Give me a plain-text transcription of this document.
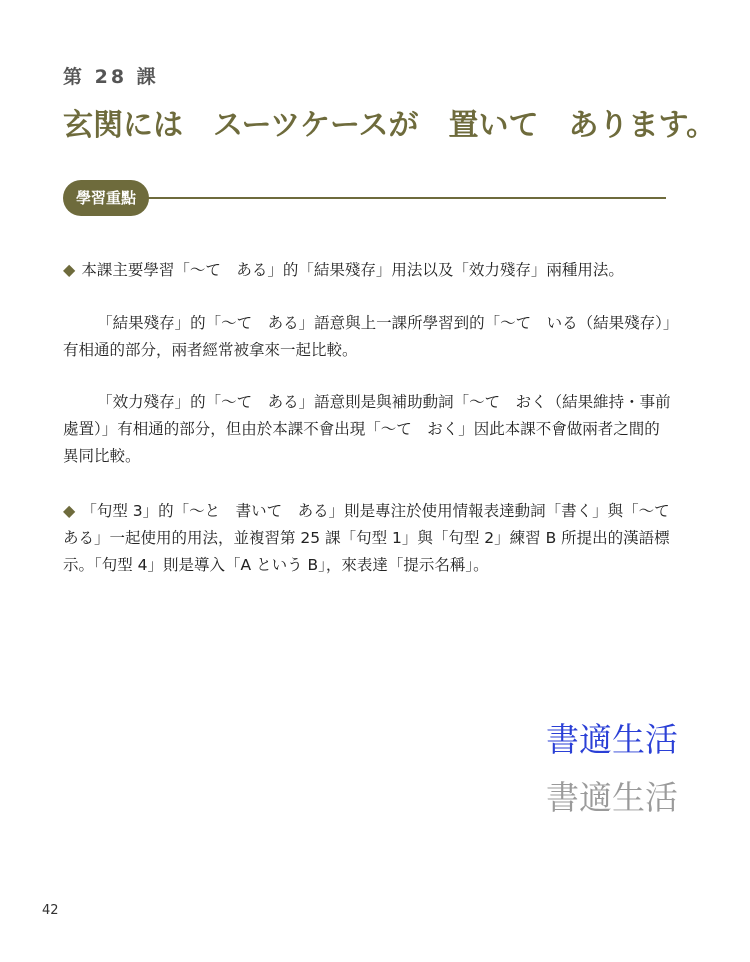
第 28 課
玄関には　スーツケースが　置いて　あります。
學習重點
◆ 本課主要學習「〜て　ある」的「結果殘存」用法以及「效力殘存」兩種用法。
「結果殘存」的「〜て　ある」語意與上一課所學習到的「〜て　いる（結果殘存）」有相通的部分，兩者經常被拿來一起比較。
「效力殘存」的「〜て　ある」語意則是與補助動詞「〜て　おく（結果維持・事前處置）」有相通的部分，但由於本課不會出現「〜て　おく」因此本課不會做兩者之間的異同比較。
◆ 「句型 3」的「〜と　書いて　ある」則是專注於使用情報表達動詞「書く」與「〜て　ある」一起使用的用法，並複習第 25 課「句型 1」與「句型 2」練習 B 所提出的漢語標示。「句型 4」則是導入「A という B」，來表達「提示名稱」。
書適生活
書適生活
42
